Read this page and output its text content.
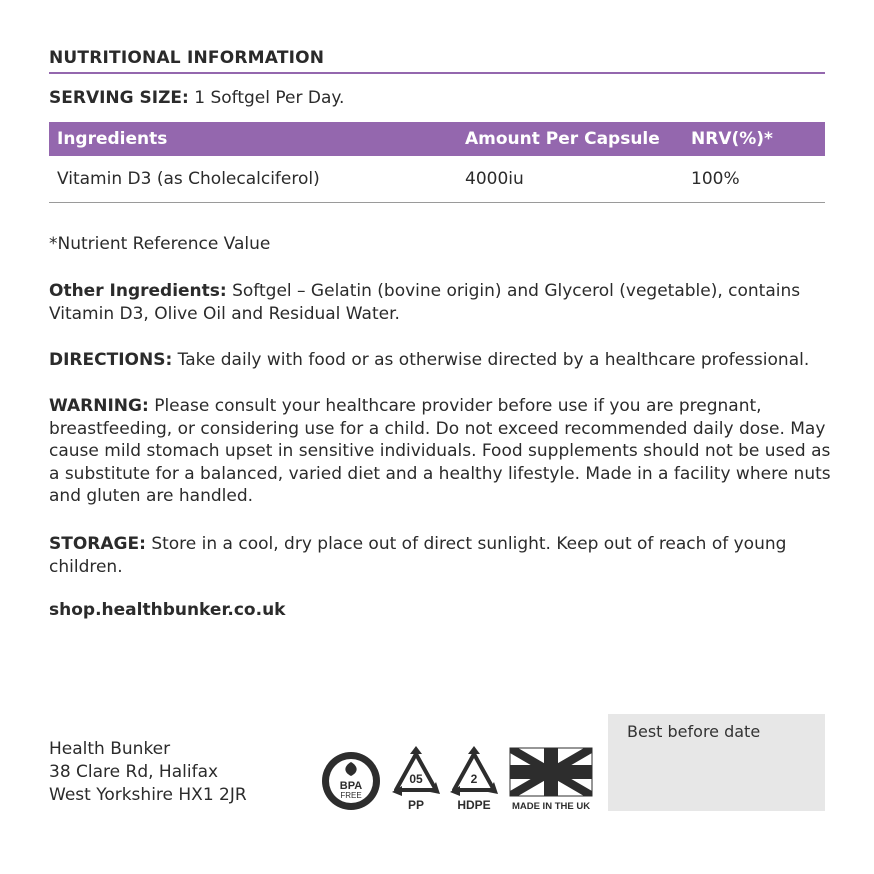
NUTRITIONAL INFORMATION
SERVING SIZE: 1 Softgel Per Day.
Ingredients	Amount Per Capsule	NRV(%)*
Vitamin D3 (as Cholecalciferol)	4000iu	100%
*Nutrient Reference Value
Other Ingredients: Softgel – Gelatin (bovine origin) and Glycerol (vegetable), contains Vitamin D3, Olive Oil and Residual Water.
DIRECTIONS: Take daily with food or as otherwise directed by a healthcare professional.
WARNING: Please consult your healthcare provider before use if you are pregnant, breastfeeding, or considering use for a child. Do not exceed recommended daily dose. May cause mild stomach upset in sensitive individuals. Food supplements should not be used as a substitute for a balanced, varied diet and a healthy lifestyle. Made in a facility where nuts and gluten are handled.
STORAGE: Store in a cool, dry place out of direct sunlight. Keep out of reach of young children.
shop.healthbunker.co.uk
Health Bunker
38 Clare Rd, Halifax
West Yorkshire HX1 2JR	BPA
FREE
05
PP
2
HDPE MADE IN THE UK
Best before date
